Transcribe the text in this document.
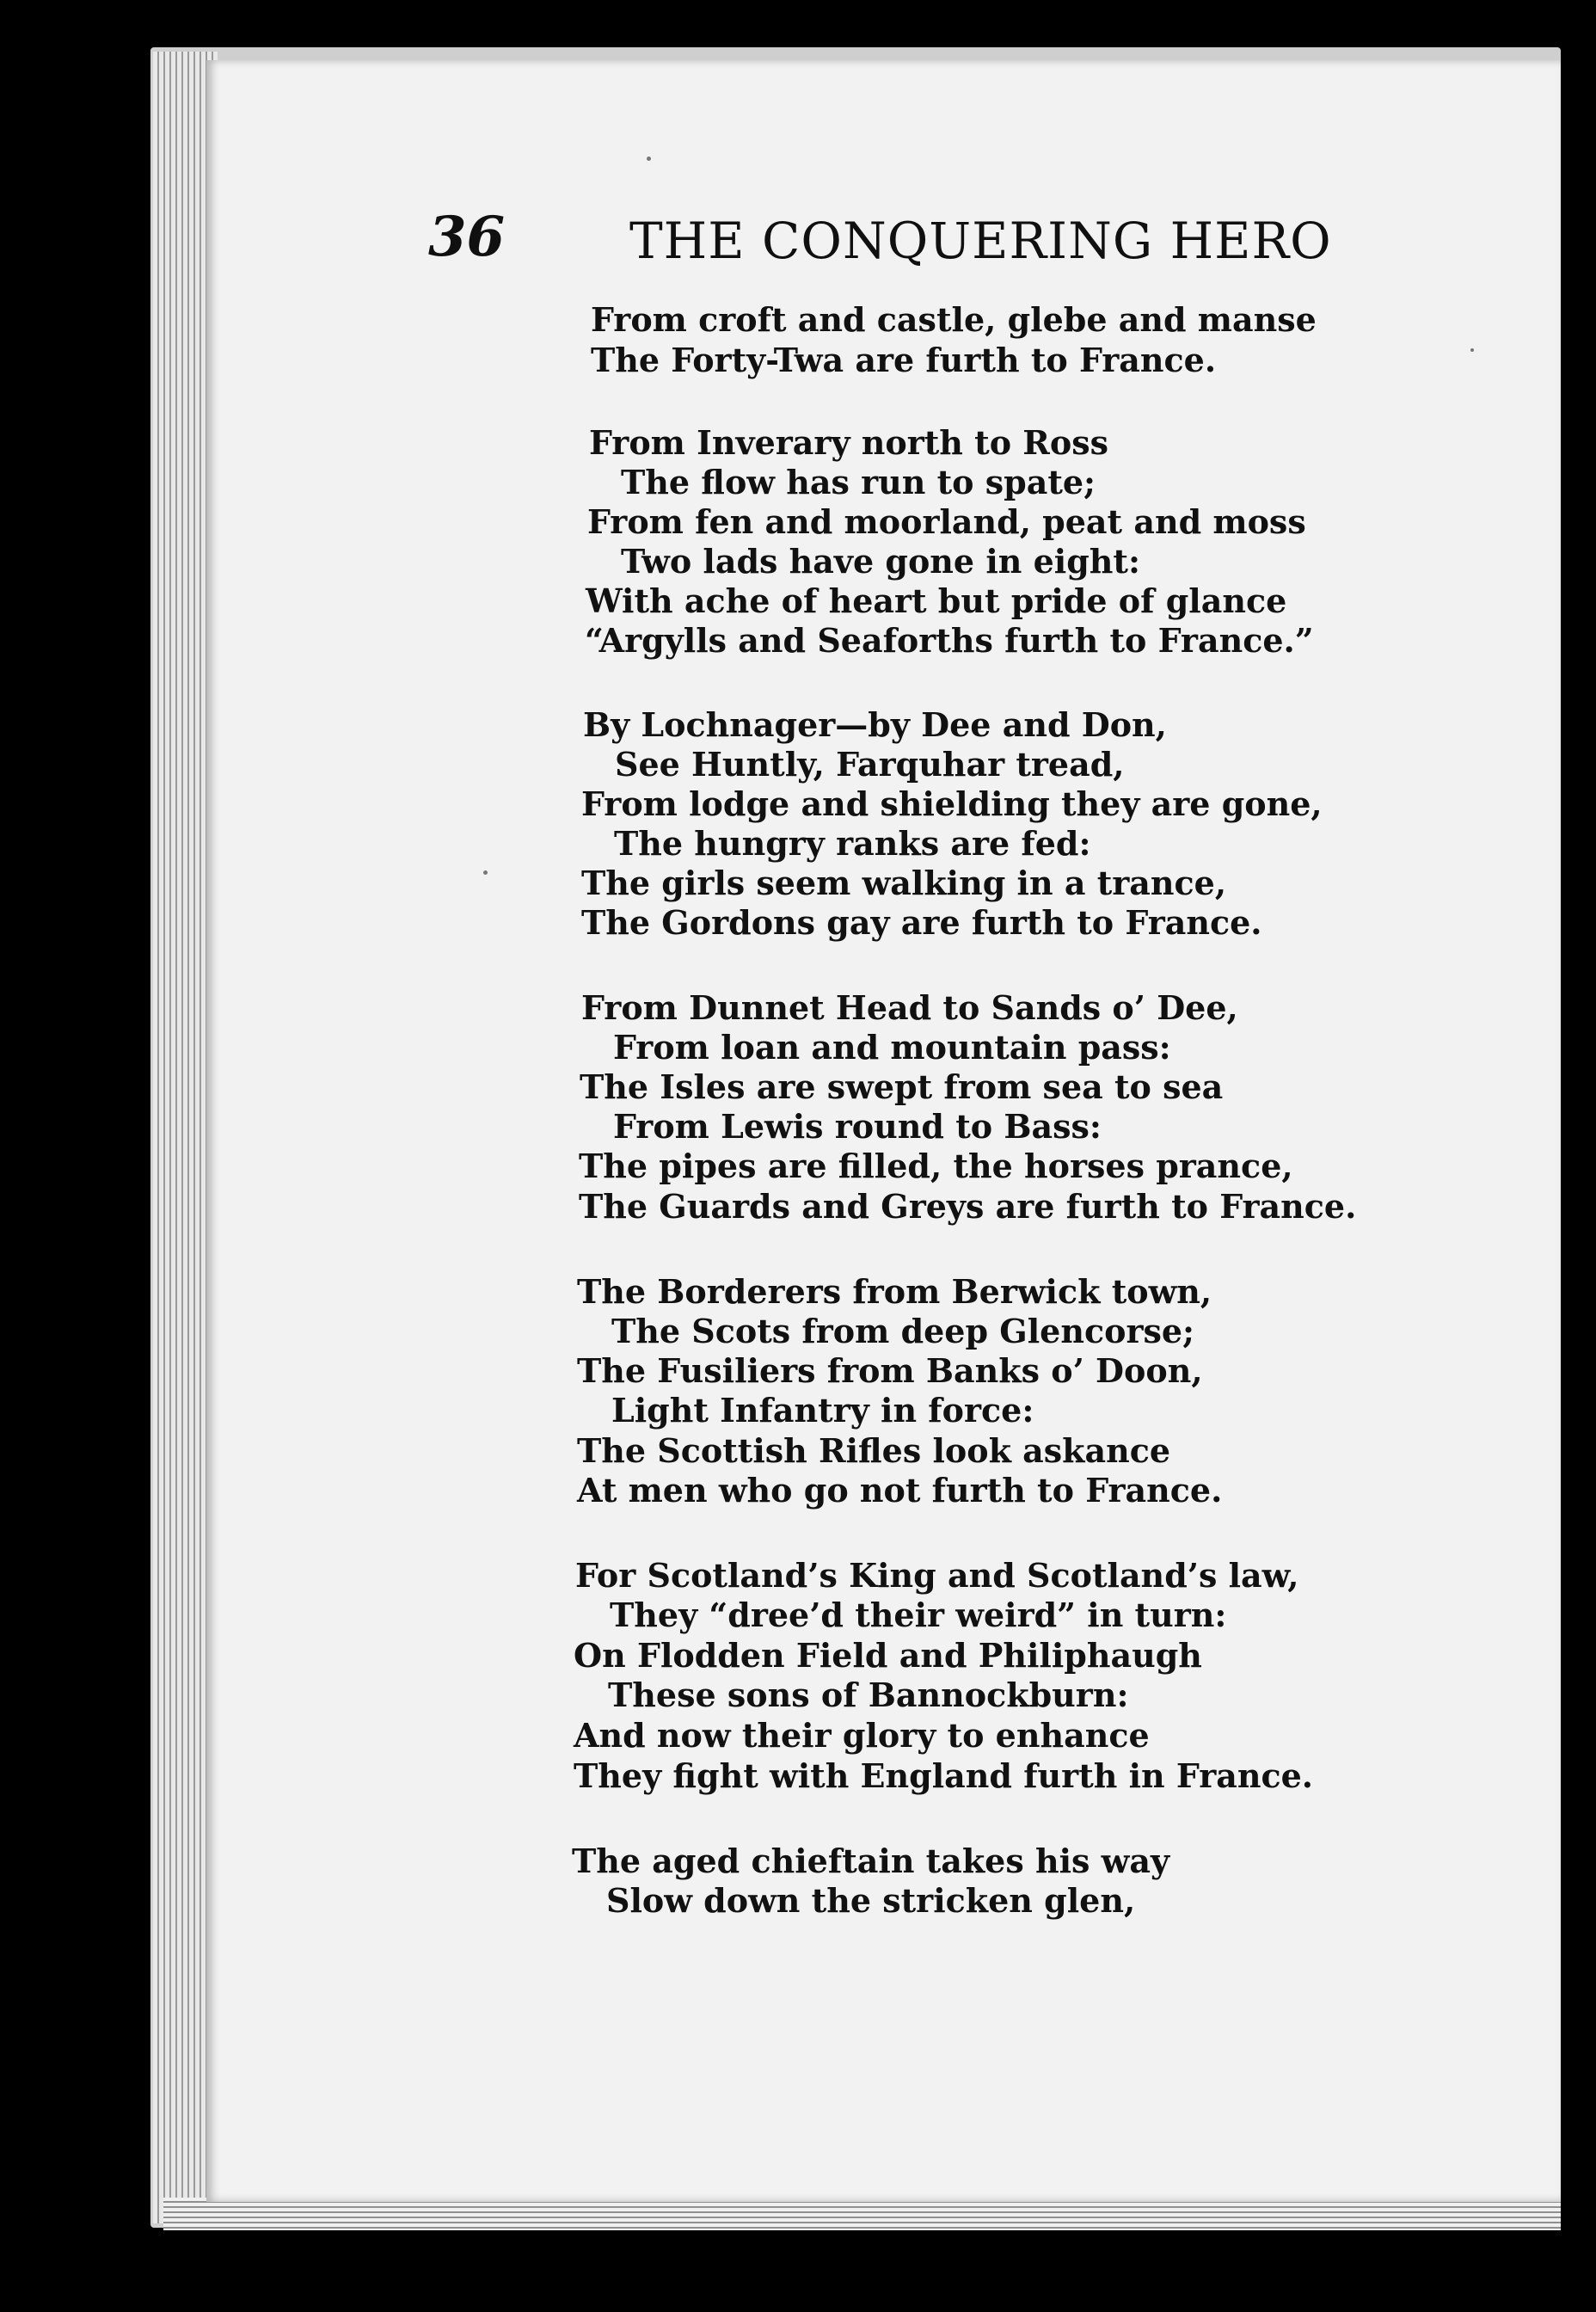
36 THE CONQUERING HERO
From croft and castle, glebe and manse
The Forty-Twa are furth to France.
From Inverary north to Ross
The flow has run to spate;
From fen and moorland, peat and moss
Two lads have gone in eight:
With ache of heart but pride of glance
“Argylls and Seaforths furth to France.”
By Lochnager—by Dee and Don,
See Huntly, Farquhar tread,
From lodge and shielding they are gone,
The hungry ranks are fed:
The girls seem walking in a trance,
The Gordons gay are furth to France.
From Dunnet Head to Sands o’ Dee,
From loan and mountain pass:
The Isles are swept from sea to sea
From Lewis round to Bass:
The pipes are filled, the horses prance,
The Guards and Greys are furth to France.
The Borderers from Berwick town,
The Scots from deep Glencorse;
The Fusiliers from Banks o’ Doon,
Light Infantry in force:
The Scottish Rifles look askance
At men who go not furth to France.
For Scotland’s King and Scotland’s law,
They “dree’d their weird” in turn:
On Flodden Field and Philiphaugh
These sons of Bannockburn:
And now their glory to enhance
They fight with England furth in France.
The aged chieftain takes his way
Slow down the stricken glen,
